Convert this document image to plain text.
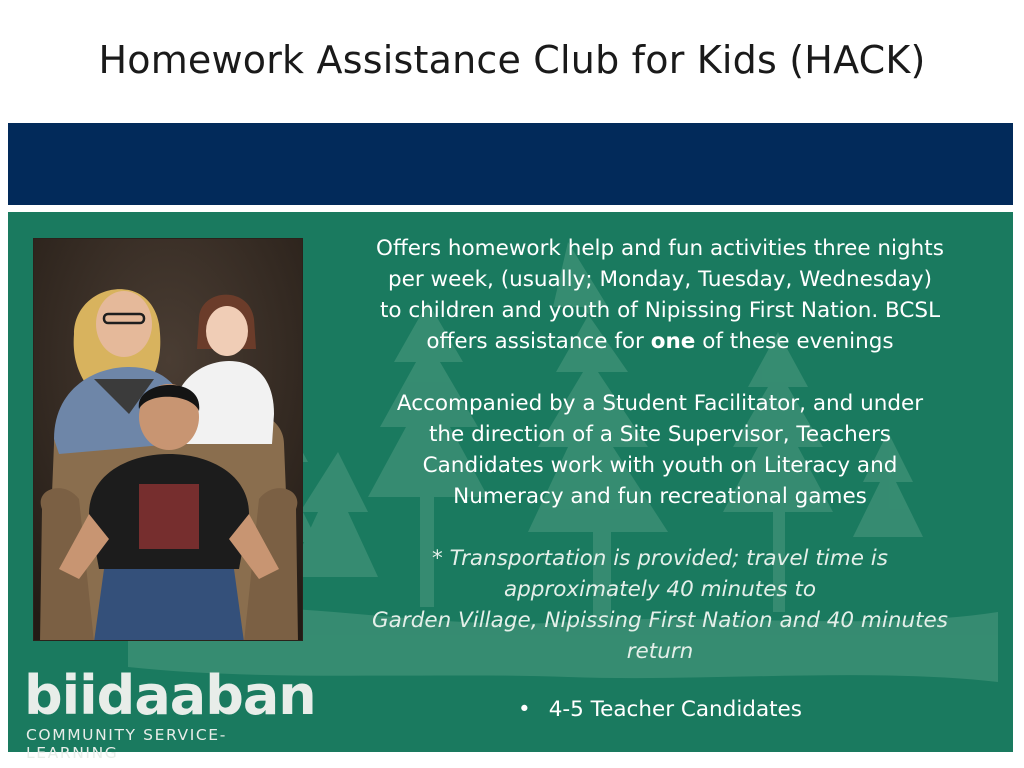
Homework Assistance Club for Kids (HACK)

Offers homework help and fun activities three nights

per week, (usually; Monday, Tuesday, Wednesday)

to children and youth of Nipissing First Nation. BCSL

offers assistance for one of these evenings

Accompanied by a Student Facilitator, and under

the direction of a Site Supervisor, Teachers

Candidates work with youth on Literacy and

Numeracy and fun recreational games

* Transportation is provided; travel time is

approximately 40 minutes to

Garden Village, Nipissing First Nation and 40 minutes

return

• 4-5 Teacher Candidates
biidaaban
COMMUNITY SERVICE-LEARNING
